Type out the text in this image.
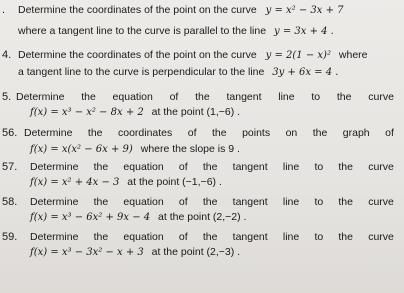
. Determine the coordinates of the point on the curve y = x² − 3x + 7
where a tangent line to the curve is parallel to the line y = 3x + 4 .
4. Determine the coordinates of the point on the curve y = 2(1 − x)² where
a tangent line to the curve is perpendicular to the line 3y + 6x = 4 .
5. Determine the equation of the tangent line to the curve
f(x) = x³ − x² − 8x + 2 at the point (1,−6) .
56. Determine the coordinates of the points on the graph of
f(x) = x(x² − 6x + 9) where the slope is 9 .
57. Determine the equation of the tangent line to the curve
f(x) = x² + 4x − 3 at the point (−1,−6) .
58. Determine the equation of the tangent line to the curve
f(x) = x³ − 6x² + 9x − 4 at the point (2,−2) .
59. Determine the equation of the tangent line to the curve
f(x) = x³ − 3x² − x + 3 at the point (2,−3) .
